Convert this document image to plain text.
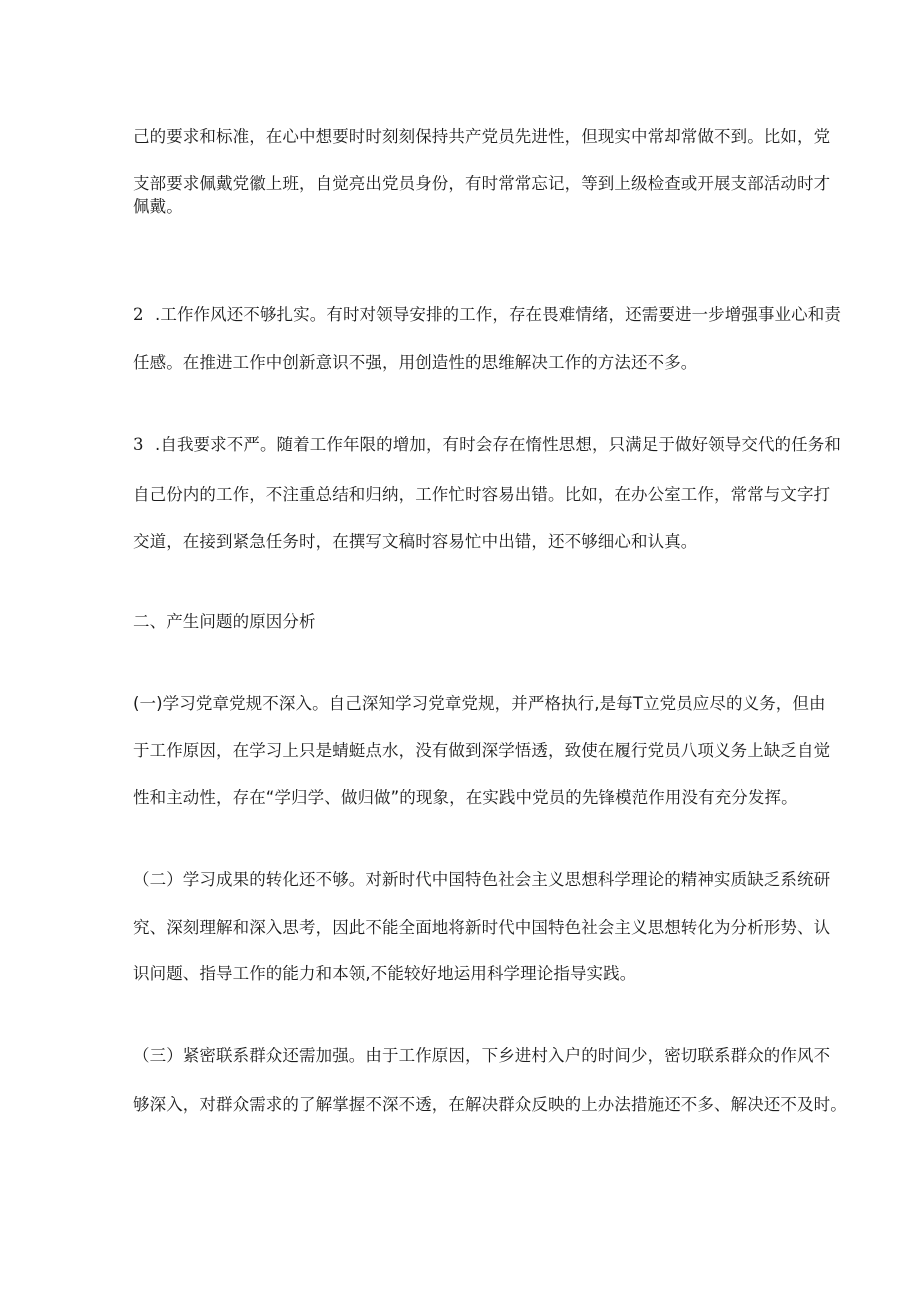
己的要求和标准，在心中想要时时刻刻保持共产党员先进性，但现实中常却常做不到。比如，党
支部要求佩戴党徽上班，自觉亮出党员身份，有时常常忘记，等到上级检查或开展支部活动时才
佩戴。
2 .工作作风还不够扎实。有时对领导安排的工作，存在畏难情绪，还需要进一步增强事业心和责
任感。在推进工作中创新意识不强，用创造性的思维解决工作的方法还不多。
3 .自我要求不严。随着工作年限的增加，有时会存在惰性思想，只满足于做好领导交代的任务和
自己份内的工作，不注重总结和归纳，工作忙时容易出错。比如，在办公室工作，常常与文字打
交道，在接到紧急任务时，在撰写文稿时容易忙中出错，还不够细心和认真。
二、产生问题的原因分析
(一)学习党章党规不深入。自己深知学习党章党规，并严格执行,是每T立党员应尽的义务，但由
于工作原因，在学习上只是蜻蜓点水，没有做到深学悟透，致使在履行党员八项义务上缺乏自觉
性和主动性，存在“学归学、做归做”的现象，在实践中党员的先锋模范作用没有充分发挥。
（二）学习成果的转化还不够。对新时代中国特色社会主义思想科学理论的精神实质缺乏系统研
究、深刻理解和深入思考，因此不能全面地将新时代中国特色社会主义思想转化为分析形势、认
识问题、指导工作的能力和本领,不能较好地运用科学理论指导实践。
（三）紧密联系群众还需加强。由于工作原因，下乡进村入户的时间少，密切联系群众的作风不
够深入，对群众需求的了解掌握不深不透，在解决群众反映的上办法措施还不多、解决还不及时。
